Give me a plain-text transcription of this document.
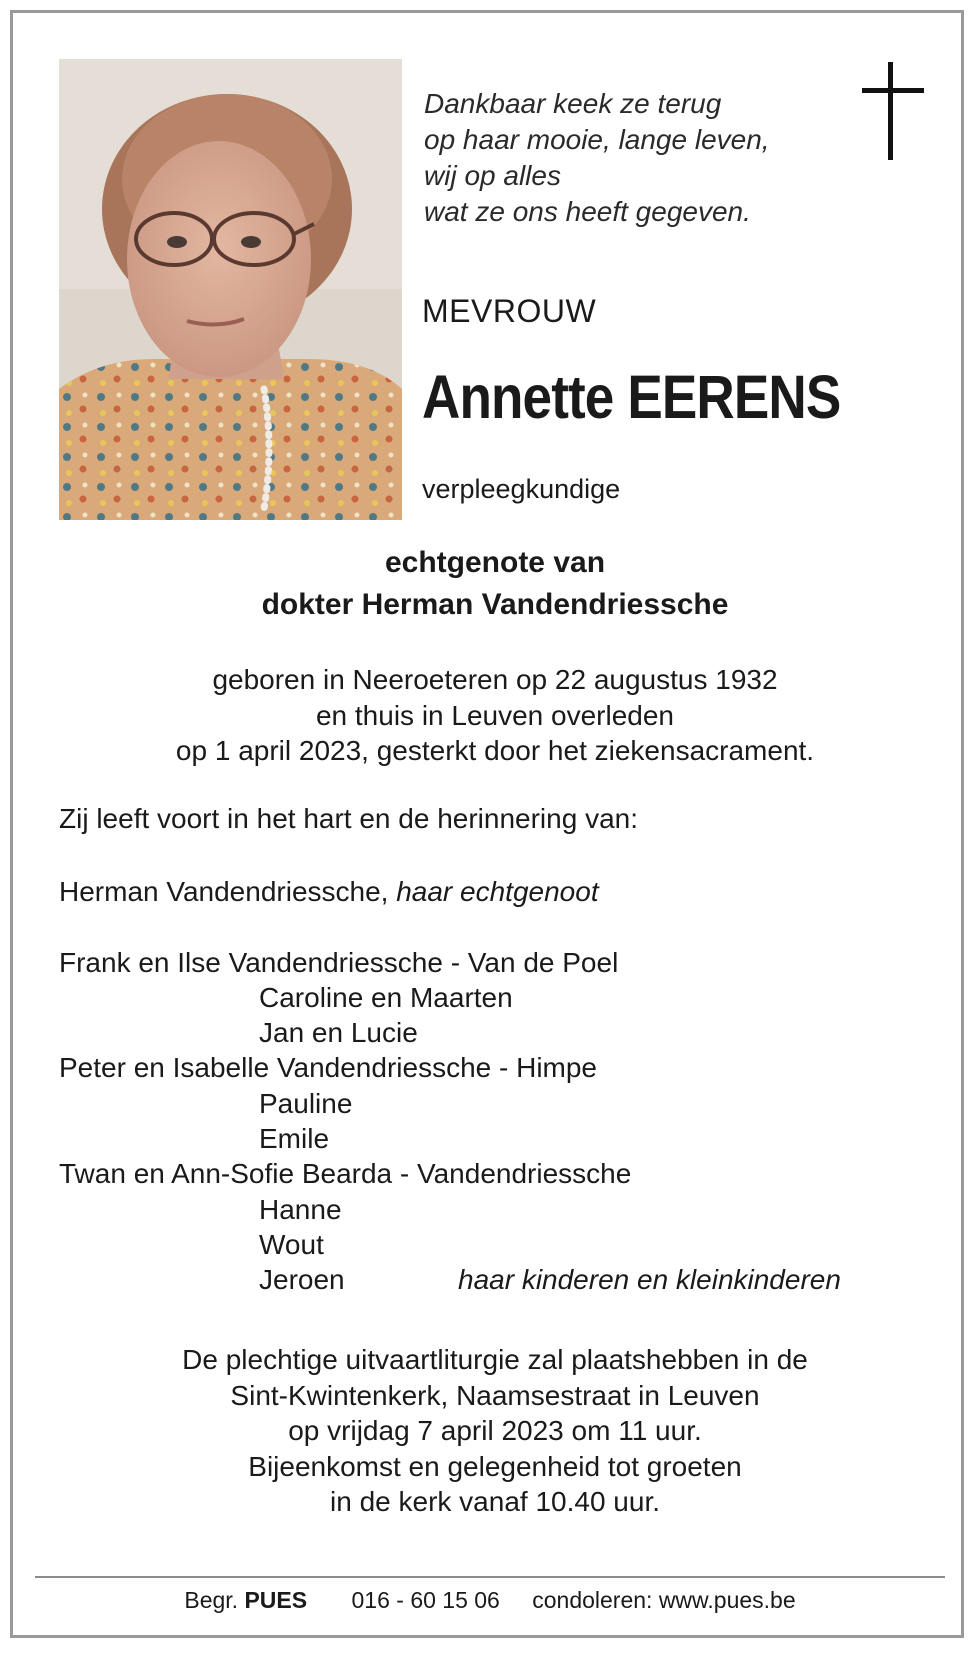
Dankbaar keek ze terug
op haar mooie, lange leven,
wij op alles
wat ze ons heeft gegeven.
MEVROUW
Annette EERENS
verpleegkundige
echtgenote van
dokter Herman Vandendriessche
geboren in Neeroeteren op 22 augustus 1932
en thuis in Leuven overleden
op 1 april 2023, gesterkt door het ziekensacrament.
Zij leeft voort in het hart en de herinnering van:
Herman Vandendriessche, haar echtgenoot
Frank en Ilse Vandendriessche - Van de Poel
Caroline en Maarten
Jan en Lucie
Peter en Isabelle Vandendriessche - Himpe
Pauline
Emile
Twan en Ann-Sofie Bearda - Vandendriessche
Hanne
Wout
Jeroen	haar kinderen en kleinkinderen
De plechtige uitvaartliturgie zal plaatshebben in de
Sint-Kwintenkerk, Naamsestraat in Leuven
op vrijdag 7 april 2023 om 11 uur.
Bijeenkomst en gelegenheid tot groeten
in de kerk vanaf 10.40 uur.
Begr. PUES 016 - 60 15 06 condoleren: www.pues.be
